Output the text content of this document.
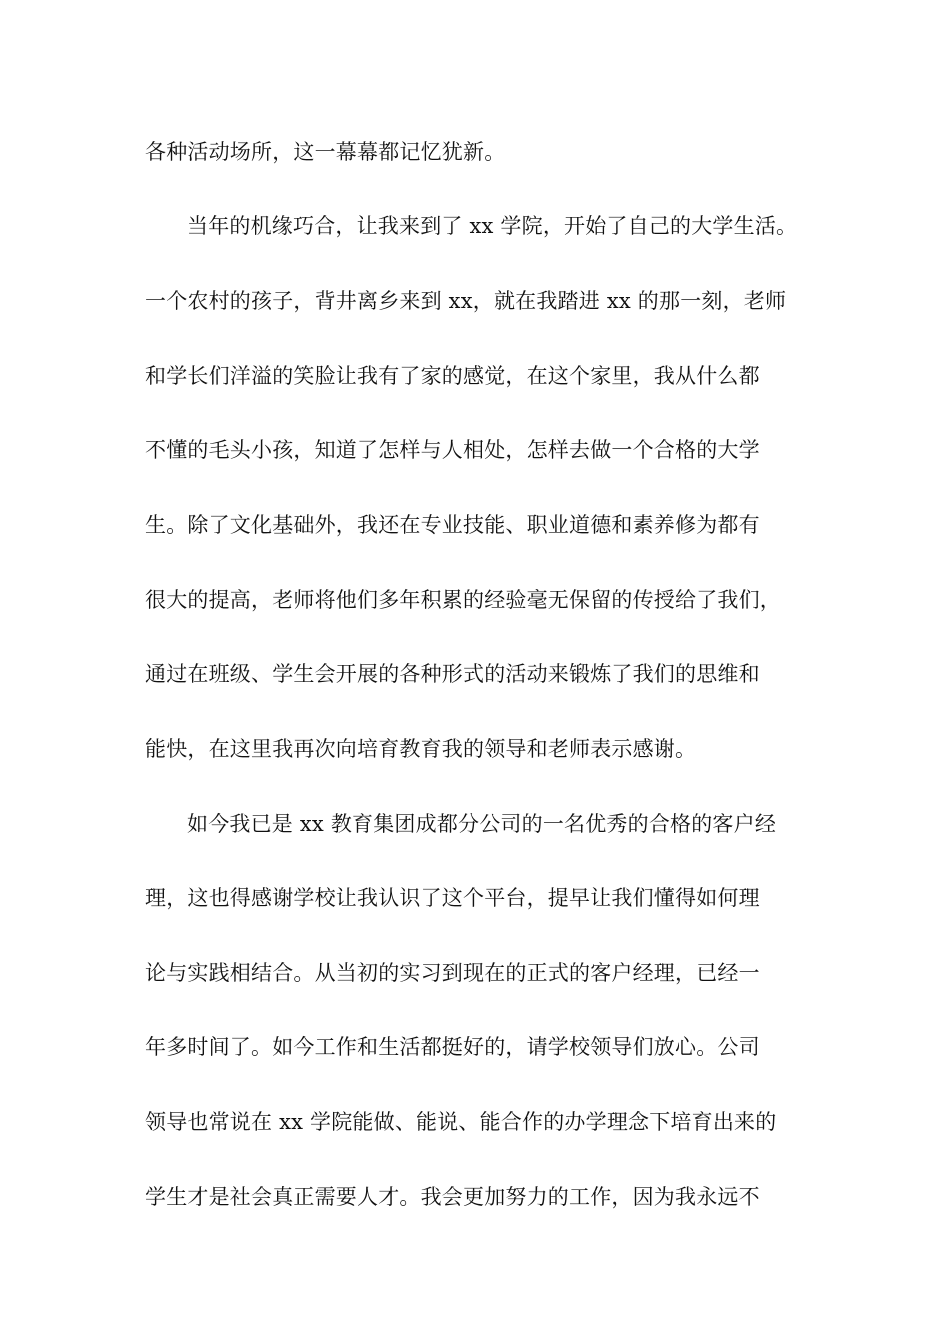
各种活动场所，这一幕幕都记忆犹新。
当年的机缘巧合，让我来到了 xx 学院，开始了自己的大学生活。
一个农村的孩子，背井离乡来到 xx，就在我踏进 xx 的那一刻，老师
和学长们洋溢的笑脸让我有了家的感觉，在这个家里，我从什么都
不懂的毛头小孩，知道了怎样与人相处，怎样去做一个合格的大学
生。除了文化基础外，我还在专业技能、职业道德和素养修为都有
很大的提高，老师将他们多年积累的经验毫无保留的传授给了我们，
通过在班级、学生会开展的各种形式的活动来锻炼了我们的思维和
能快，在这里我再次向培育教育我的领导和老师表示感谢。
如今我已是 xx 教育集团成都分公司的一名优秀的合格的客户经
理，这也得感谢学校让我认识了这个平台，提早让我们懂得如何理
论与实践相结合。从当初的实习到现在的正式的客户经理，已经一
年多时间了。如今工作和生活都挺好的，请学校领导们放心。公司
领导也常说在 xx 学院能做、能说、能合作的办学理念下培育出来的
学生才是社会真正需要人才。我会更加努力的工作，因为我永远不
